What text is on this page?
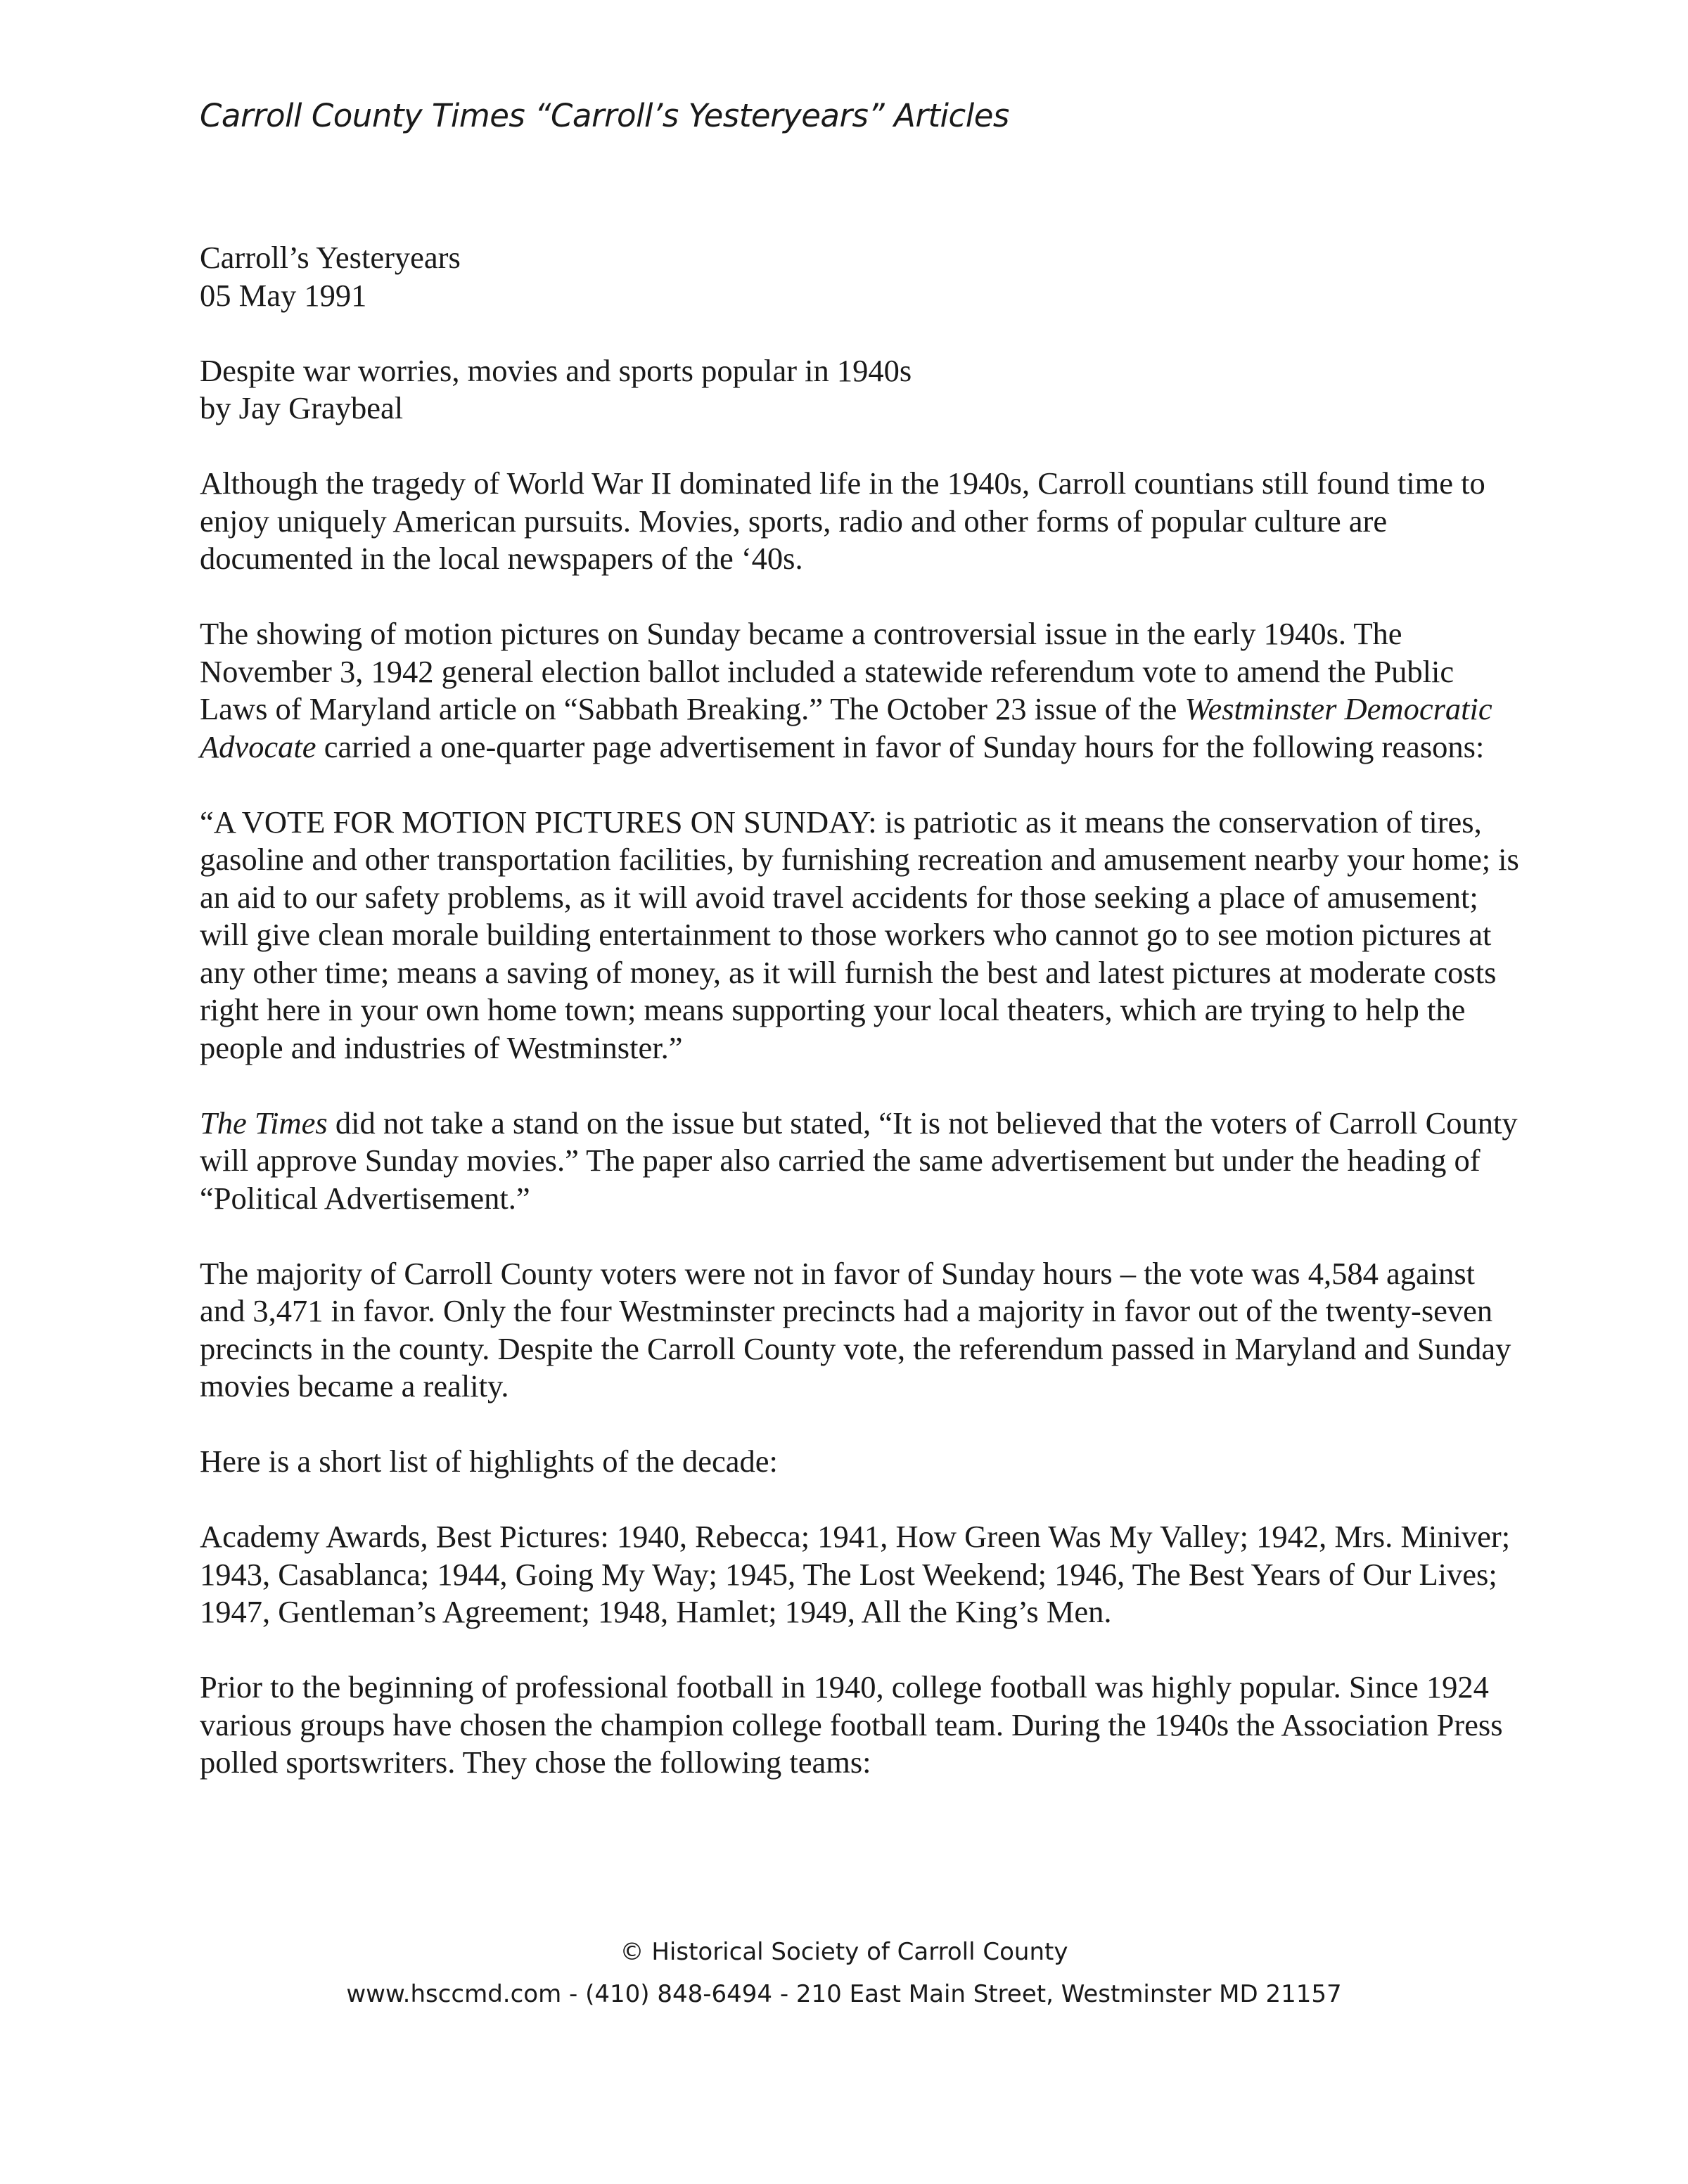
Carroll County Times “Carroll’s Yesteryears” Articles

Carroll’s Yesteryears
05 May 1991

Despite war worries, movies and sports popular in 1940s
by Jay Graybeal

Although the tragedy of World War II dominated life in the 1940s, Carroll countians still found time to enjoy uniquely American pursuits. Movies, sports, radio and other forms of popular culture are documented in the local newspapers of the ‘40s.

The showing of motion pictures on Sunday became a controversial issue in the early 1940s. The November 3, 1942 general election ballot included a statewide referendum vote to amend the Public Laws of Maryland article on “Sabbath Breaking.” The October 23 issue of the Westminster Democratic Advocate carried a one-quarter page advertisement in favor of Sunday hours for the following reasons:

“A VOTE FOR MOTION PICTURES ON SUNDAY: is patriotic as it means the conservation of tires, gasoline and other transportation facilities, by furnishing recreation and amusement nearby your home; is an aid to our safety problems, as it will avoid travel accidents for those seeking a place of amusement; will give clean morale building entertainment to those workers who cannot go to see motion pictures at any other time; means a saving of money, as it will furnish the best and latest pictures at moderate costs right here in your own home town; means supporting your local theaters, which are trying to help the people and industries of Westminster.”

The Times did not take a stand on the issue but stated, “It is not believed that the voters of Carroll County will approve Sunday movies.” The paper also carried the same advertisement but under the heading of “Political Advertisement.”

The majority of Carroll County voters were not in favor of Sunday hours – the vote was 4,584 against and 3,471 in favor. Only the four Westminster precincts had a majority in favor out of the twenty-seven precincts in the county. Despite the Carroll County vote, the referendum passed in Maryland and Sunday movies became a reality.

Here is a short list of highlights of the decade:

Academy Awards, Best Pictures: 1940, Rebecca; 1941, How Green Was My Valley; 1942, Mrs. Miniver; 1943, Casablanca; 1944, Going My Way; 1945, The Lost Weekend; 1946, The Best Years of Our Lives; 1947, Gentleman’s Agreement; 1948, Hamlet; 1949, All the King’s Men.

Prior to the beginning of professional football in 1940, college football was highly popular. Since 1924 various groups have chosen the champion college football team. During the 1940s the Association Press polled sportswriters. They chose the following teams:

© Historical Society of Carroll County
www.hsccmd.com - (410) 848-6494 - 210 East Main Street, Westminster MD 21157
